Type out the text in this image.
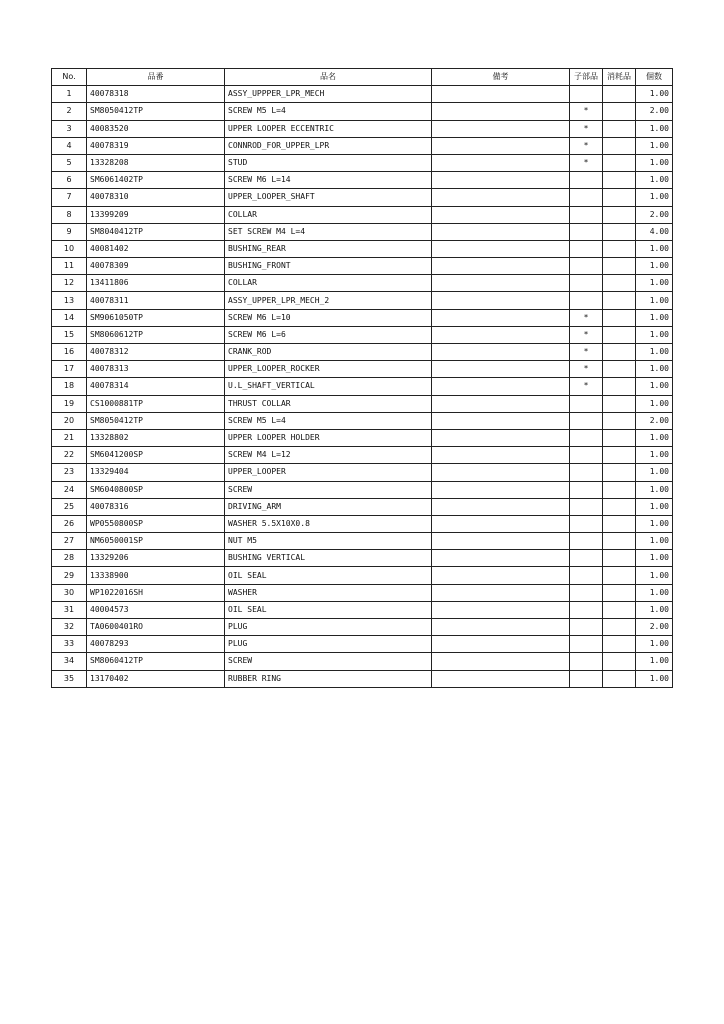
No.	品番	品名	備考	子部品	消耗品	個数
1	40078318	ASSY_UPPPER_LPR_MECH				1.00
2	SM8050412TP	SCREW M5 L=4		*		2.00
3	40083520	UPPER LOOPER ECCENTRIC		*		1.00
4	40078319	CONNROD_FOR_UPPER_LPR		*		1.00
5	13328208	STUD		*		1.00
6	SM6061402TP	SCREW M6 L=14				1.00
7	40078310	UPPER_LOOPER_SHAFT				1.00
8	13399209	COLLAR				2.00
9	SM8040412TP	SET SCREW M4 L=4				4.00
10	40081402	BUSHING_REAR				1.00
11	40078309	BUSHING_FRONT				1.00
12	13411806	COLLAR				1.00
13	40078311	ASSY_UPPER_LPR_MECH_2				1.00
14	SM9061050TP	SCREW M6 L=10		*		1.00
15	SM8060612TP	SCREW M6 L=6		*		1.00
16	40078312	CRANK_ROD		*		1.00
17	40078313	UPPER_LOOPER_ROCKER		*		1.00
18	40078314	U.L_SHAFT_VERTICAL		*		1.00
19	CS1000881TP	THRUST COLLAR				1.00
20	SM8050412TP	SCREW M5 L=4				2.00
21	13328802	UPPER LOOPER HOLDER				1.00
22	SM6041200SP	SCREW M4 L=12				1.00
23	13329404	UPPER_LOOPER				1.00
24	SM6040800SP	SCREW				1.00
25	40078316	DRIVING_ARM				1.00
26	WP0550800SP	WASHER 5.5X10X0.8				1.00
27	NM6050001SP	NUT M5				1.00
28	13329206	BUSHING VERTICAL				1.00
29	13338900	OIL SEAL				1.00
30	WP1022016SH	WASHER				1.00
31	40004573	OIL SEAL				1.00
32	TA0600401RO	PLUG				2.00
33	40078293	PLUG				1.00
34	SM8060412TP	SCREW				1.00
35	13170402	RUBBER RING				1.00
